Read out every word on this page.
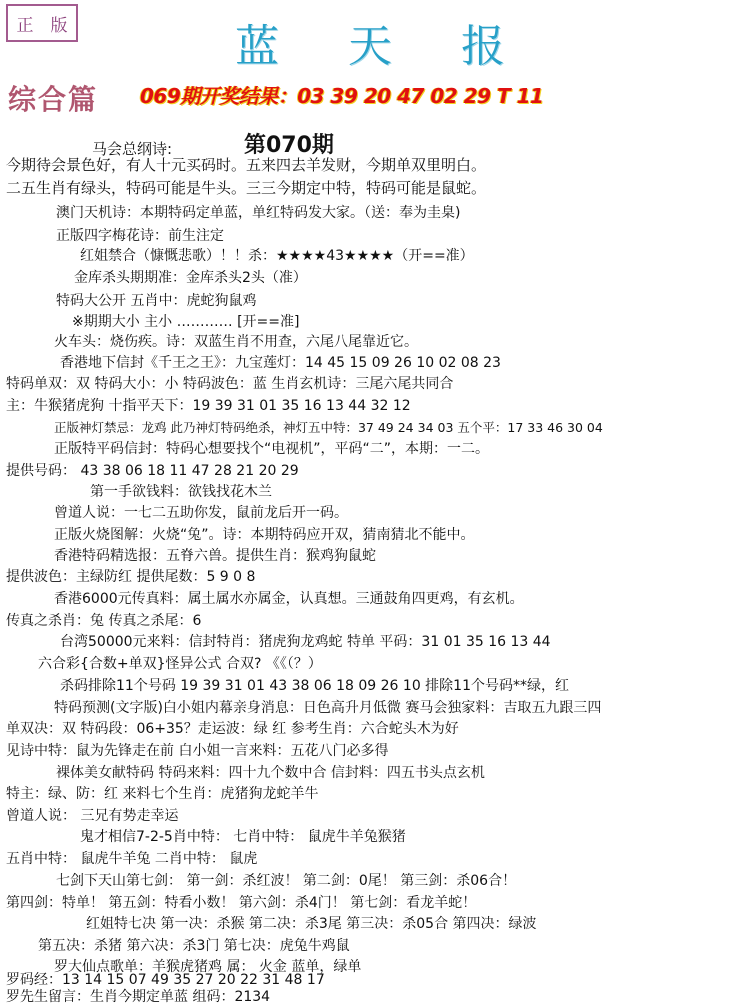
正 版	蓝 天 报
综合篇 069期开奖结果：03 39 20 47 02 29 T 11
马会总纲诗:	第070期
今期待会景色好，有人十元买码时。五来四去羊发财，今期单双里明白。
二五生肖有绿头，特码可能是牛头。三三今期定中特，特码可能是鼠蛇。
澳门天机诗：本期特码定单蓝，单红特码发大家。（送：奉为圭臬)
正版四字梅花诗：前生注定
红姐禁合（慷慨悲歌）！！杀：★★★★43★★★★（开==准）
金库杀头期期准：金库杀头2头（准）
特码大公开 五肖中：虎蛇狗鼠鸡
※期期大小 主小 ………… [开==准]
火车头：烧伤疾。诗：双蓝生肖不用查，六尾八尾靠近它。
香港地下信封《千王之王》：九宝莲灯：14 45 15 09 26 10 02 08 23
特码单双：双 特码大小：小 特码波色：蓝 生肖玄机诗：三尾六尾共同合
主：牛猴猪虎狗 十指平天下：19 39 31 01 35 16 13 44 32 12
正版神灯禁忌：龙鸡 此乃神灯特码绝杀，神灯五中特：37 49 24 34 03 五个平：17 33 46 30 04
正版特平码信封：特码心想要找个“电视机”，平码“二”，本期：一二。
提供号码： 43 38 06 18 11 47 28 21 20 29
第一手欲钱料：欲钱找花木兰
曾道人说：一七二五助你发，鼠前龙后开一码。
正版火烧图解：火烧“兔”。诗：本期特码应开双，猜南猜北不能中。
香港特码精选报：五脊六兽。提供生肖：猴鸡狗鼠蛇
提供波色：主绿防红 提供尾数：5 9 0 8
香港6000元传真料：属土属水亦属金，认真想。三通鼓角四更鸡，有玄机。
传真之杀肖：兔 传真之杀尾：6
台湾50000元来料：信封特肖：猪虎狗龙鸡蛇 特单 平码：31 01 35 16 13 44
六合彩{合数+单双}怪异公式 合双? 《《（？）
杀码排除11个号码 19 39 31 01 43 38 06 18 09 26 10 排除11个号码**绿，红
特码预测(文字版)白小姐内幕亲身消息：日色高升月低微 赛马会独家料：吉取五九跟三四
单双决：双 特码段：06+35？走运波：绿 红 参考生肖：六合蛇头木为好
见诗中特：鼠为先锋走在前 白小姐一言来料：五花八门必多得
裸体美女献特码 特码来料：四十九个数中合 信封料：四五书头点玄机
特主：绿、防：红 来料七个生肖：虎猪狗龙蛇羊牛
曾道人说： 三兄有势走幸运
鬼才相信7-2-5肖中特： 七肖中特： 鼠虎牛羊兔猴猪
五肖中特： 鼠虎牛羊兔 二肖中特： 鼠虎
七剑下天山第七剑： 第一剑：杀红波！ 第二剑：0尾！ 第三剑：杀06合！
第四剑：特单！ 第五剑：特看小数！ 第六剑：杀4门！ 第七剑：看龙羊蛇！
红姐特七决 第一决：杀猴 第二决：杀3尾 第三决：杀05合 第四决：绿波
第五决：杀猪 第六决：杀3门 第七决：虎兔牛鸡鼠
罗大仙点歌单：羊猴虎猪鸡 属： 火金 蓝单，绿单
罗码经：13 14 15 07 49 35 27 20 22 31 48 17
罗先生留言：生肖今期定单蓝 组码：2134
